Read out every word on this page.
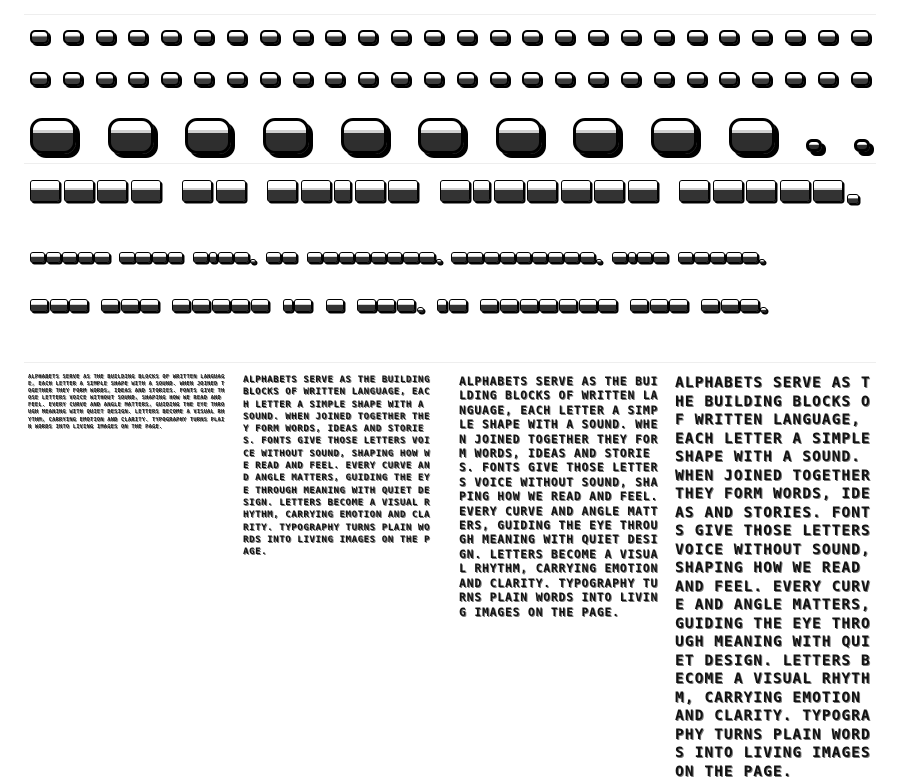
ALPHABETS SERVE AS THE BUILDING BLOCKS OF WRITTEN LANGUAGE, EACH LETTER A SIMPLE SHAPE WITH A SOUND. WHEN JOINED TOGETHER THEY FORM WORDS, IDEAS AND STORIES. FONTS GIVE THOSE LETTERS VOICE WITHOUT SOUND, SHAPING HOW WE READ AND FEEL. EVERY CURVE AND ANGLE MATTERS, GUIDING THE EYE THROUGH MEANING WITH QUIET DESIGN. LETTERS BECOME A VISUAL RHYTHM, CARRYING EMOTION AND CLARITY. TYPOGRAPHY TURNS PLAIN WORDS INTO LIVING IMAGES ON THE PAGE.
ALPHABETS SERVE AS THE BUILDING BLOCKS OF WRITTEN LANGUAGE, EACH LETTER A SIMPLE SHAPE WITH A SOUND. WHEN JOINED TOGETHER THEY FORM WORDS, IDEAS AND STORIES. FONTS GIVE THOSE LETTERS VOICE WITHOUT SOUND, SHAPING HOW WE READ AND FEEL. EVERY CURVE AND ANGLE MATTERS, GUIDING THE EYE THROUGH MEANING WITH QUIET DESIGN. LETTERS BECOME A VISUAL RHYTHM, CARRYING EMOTION AND CLARITY. TYPOGRAPHY TURNS PLAIN WORDS INTO LIVING IMAGES ON THE PAGE.
ALPHABETS SERVE AS THE BUILDING BLOCKS OF WRITTEN LANGUAGE, EACH LETTER A SIMPLE SHAPE WITH A SOUND. WHEN JOINED TOGETHER THEY FORM WORDS, IDEAS AND STORIES. FONTS GIVE THOSE LETTERS VOICE WITHOUT SOUND, SHAPING HOW WE READ AND FEEL. EVERY CURVE AND ANGLE MATTERS, GUIDING THE EYE THROUGH MEANING WITH QUIET DESIGN. LETTERS BECOME A VISUAL RHYTHM, CARRYING EMOTION AND CLARITY. TYPOGRAPHY TURNS PLAIN WORDS INTO LIVING IMAGES ON THE PAGE.
ALPHABETS SERVE AS THE BUILDING BLOCKS OF WRITTEN LANGUAGE, EACH LETTER A SIMPLE SHAPE WITH A SOUND. WHEN JOINED TOGETHER THEY FORM WORDS, IDEAS AND STORIES. FONTS GIVE THOSE LETTERS VOICE WITHOUT SOUND, SHAPING HOW WE READ AND FEEL. EVERY CURVE AND ANGLE MATTERS, GUIDING THE EYE THROUGH MEANING WITH QUIET DESIGN. LETTERS BECOME A VISUAL RHYTHM, CARRYING EMOTION AND CLARITY. TYPOGRAPHY TURNS PLAIN WORDS INTO LIVING IMAGES ON THE PAGE.
